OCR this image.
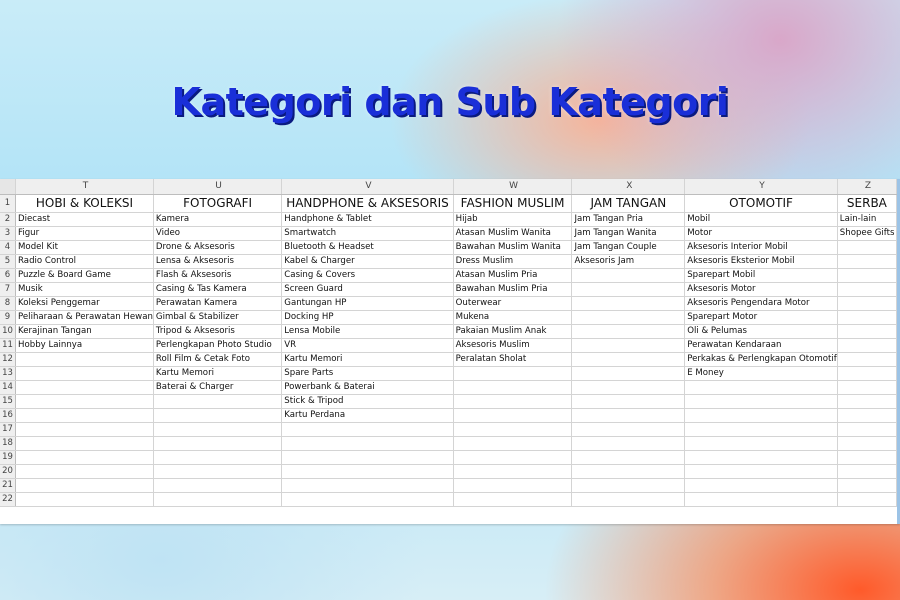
Kategori dan Sub Kategori
	T	U	V	W	X	Y	Z
1	HOBI & KOLEKSI	FOTOGRAFI	HANDPHONE & AKSESORIS	FASHION MUSLIM	JAM TANGAN	OTOMOTIF	SERBA
2	Diecast	Kamera	Handphone & Tablet	Hijab	Jam Tangan Pria	Mobil	Lain-lain
3	Figur	Video	Smartwatch	Atasan Muslim Wanita	Jam Tangan Wanita	Motor	Shopee Gifts
4	Model Kit	Drone & Aksesoris	Bluetooth & Headset	Bawahan Muslim Wanita	Jam Tangan Couple	Aksesoris Interior Mobil	
5	Radio Control	Lensa & Aksesoris	Kabel & Charger	Dress Muslim	Aksesoris Jam	Aksesoris Eksterior Mobil	
6	Puzzle & Board Game	Flash & Aksesoris	Casing & Covers	Atasan Muslim Pria		Sparepart Mobil	
7	Musik	Casing & Tas Kamera	Screen Guard	Bawahan Muslim Pria		Aksesoris Motor	
8	Koleksi Penggemar	Perawatan Kamera	Gantungan HP	Outerwear		Aksesoris Pengendara Motor	
9	Peliharaan & Perawatan Hewan	Gimbal & Stabilizer	Docking HP	Mukena		Sparepart Motor	
10	Kerajinan Tangan	Tripod & Aksesoris	Lensa Mobile	Pakaian Muslim Anak		Oli & Pelumas	
11	Hobby Lainnya	Perlengkapan Photo Studio	VR	Aksesoris Muslim		Perawatan Kendaraan	
12		Roll Film & Cetak Foto	Kartu Memori	Peralatan Sholat		Perkakas & Perlengkapan Otomotif	
13		Kartu Memori	Spare Parts			E Money	
14		Baterai & Charger	Powerbank & Baterai				
15			Stick & Tripod				
16			Kartu Perdana				
17							
18							
19							
20							
21							
22							
